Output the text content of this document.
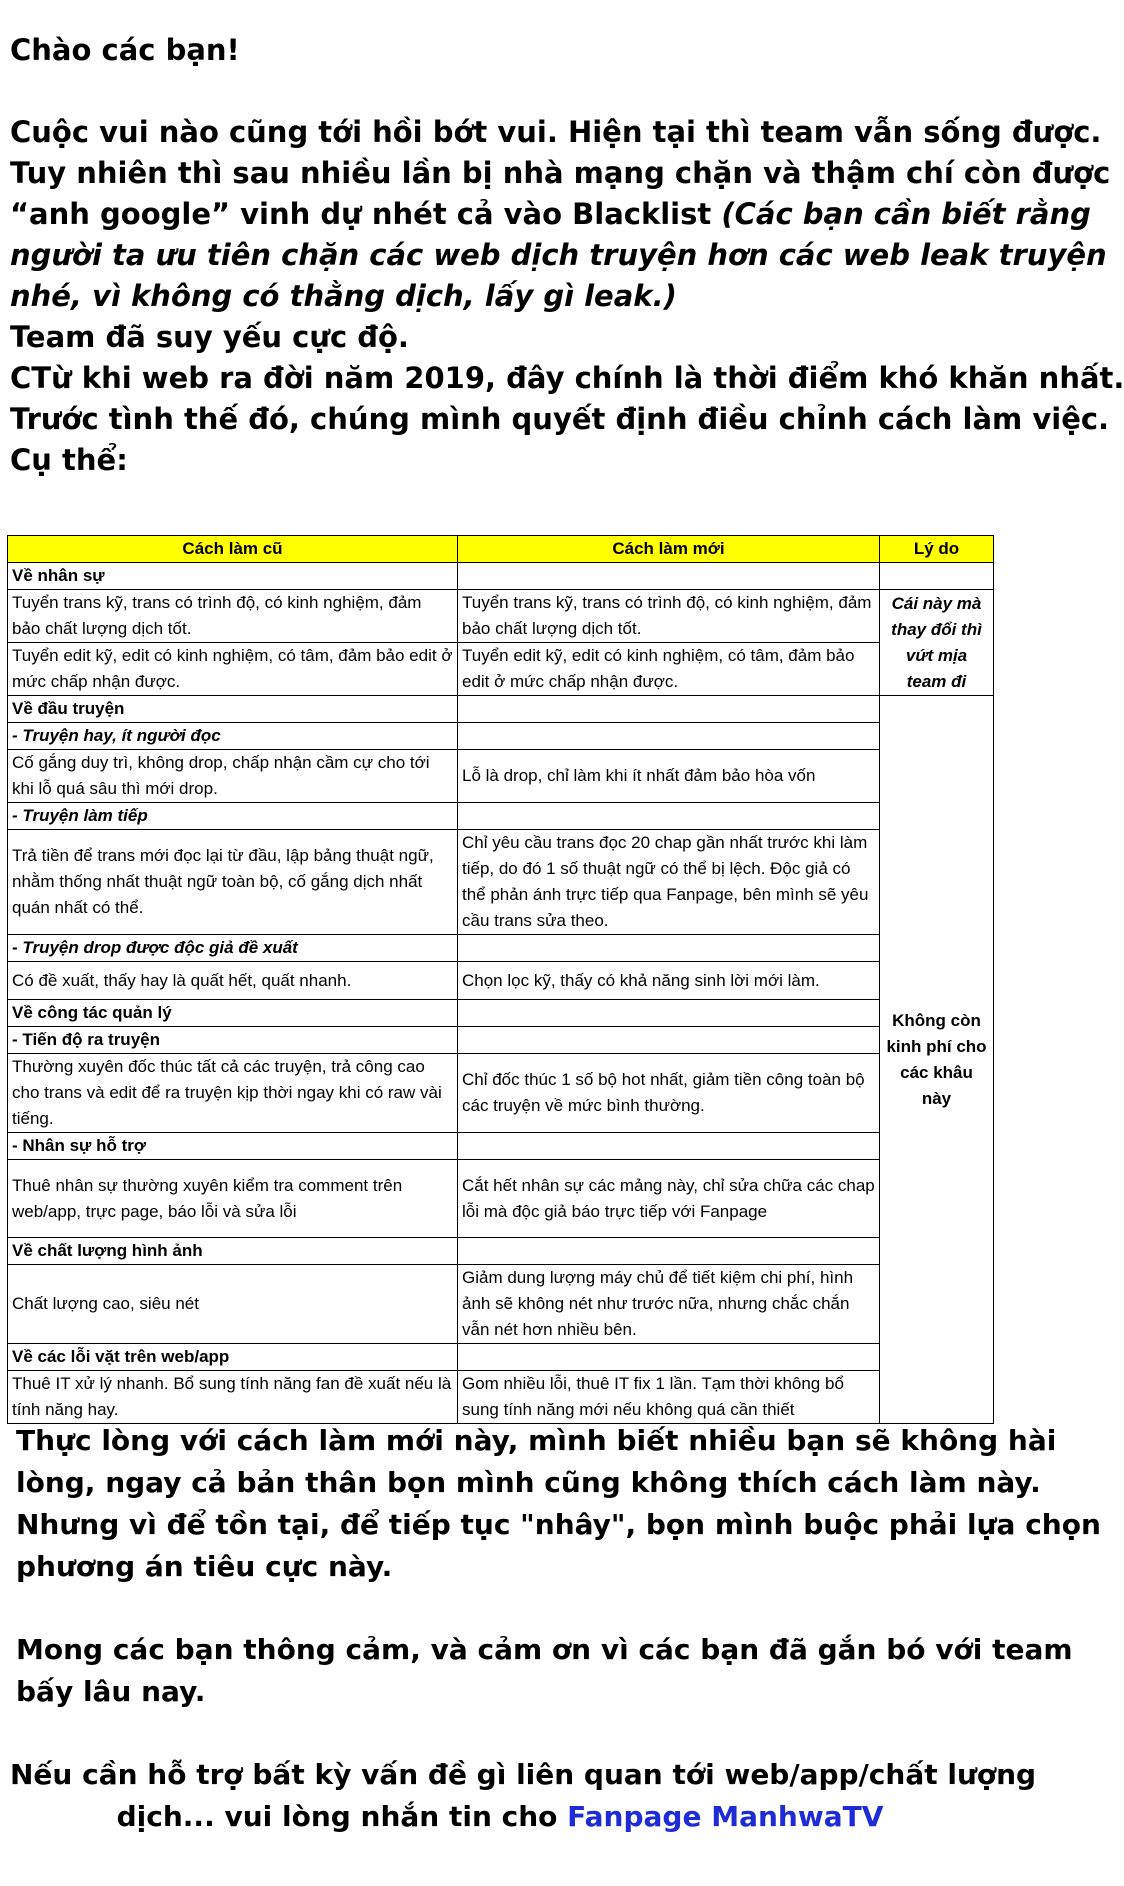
Chào các bạn!

Cuộc vui nào cũng tới hồi bớt vui. Hiện tại thì team vẫn sống được.

Tuy nhiên thì sau nhiều lần bị nhà mạng chặn và thậm chí còn được

“anh google” vinh dự nhét cả vào Blacklist (Các bạn cần biết rằng

người ta ưu tiên chặn các web dịch truyện hơn các web leak truyện

nhé, vì không có thằng dịch, lấy gì leak.)

Team đã suy yếu cực độ.

CTừ khi web ra đời năm 2019, đây chính là thời điểm khó khăn nhất.

Trước tình thế đó, chúng mình quyết định điều chỉnh cách làm việc.

Cụ thể:

Cách làm cũ	Cách làm mới	Lý do
Về nhân sự		
Tuyển trans kỹ, trans có trình độ, có kinh nghiệm, đảm bảo chất lượng dịch tốt.	Tuyển trans kỹ, trans có trình độ, có kinh nghiệm, đảm bảo chất lượng dịch tốt.	Cái này mà thay đổi thì vứt mịa team đi
Tuyển edit kỹ, edit có kinh nghiệm, có tâm, đảm bảo edit ở mức chấp nhận được.	Tuyển edit kỹ, edit có kinh nghiệm, có tâm, đảm bảo edit ở mức chấp nhận được.	
Về đầu truyện		Không còn kinh phí cho các khâu này
- Truyện hay, ít người đọc		
Cố gắng duy trì, không drop, chấp nhận cầm cự cho tới khi lỗ quá sâu thì mới drop.	Lỗ là drop, chỉ làm khi ít nhất đảm bảo hòa vốn	
- Truyện làm tiếp		
Trả tiền để trans mới đọc lại từ đầu, lập bảng thuật ngữ, nhằm thống nhất thuật ngữ toàn bộ, cố gắng dịch nhất quán nhất có thể.	Chỉ yêu cầu trans đọc 20 chap gần nhất trước khi làm tiếp, do đó 1 số thuật ngữ có thể bị lệch. Độc giả có thể phản ánh trực tiếp qua Fanpage, bên mình sẽ yêu cầu trans sửa theo.	
- Truyện drop được độc giả đề xuất		
Có đề xuất, thấy hay là quất hết, quất nhanh.	Chọn lọc kỹ, thấy có khả năng sinh lời mới làm.	
Về công tác quản lý		
- Tiến độ ra truyện		
Thường xuyên đốc thúc tất cả các truyện, trả công cao cho trans và edit để ra truyện kịp thời ngay khi có raw vài tiếng.	Chỉ đốc thúc 1 số bộ hot nhất, giảm tiền công toàn bộ các truyện về mức bình thường.	
- Nhân sự hỗ trợ		
Thuê nhân sự thường xuyên kiểm tra comment trên web/app, trực page, báo lỗi và sửa lỗi	Cắt hết nhân sự các mảng này, chỉ sửa chữa các chap lỗi mà độc giả báo trực tiếp với Fanpage	
Về chất lượng hình ảnh		
Chất lượng cao, siêu nét	Giảm dung lượng máy chủ để tiết kiệm chi phí, hình ảnh sẽ không nét như trước nữa, nhưng chắc chắn vẫn nét hơn nhiều bên.	
Về các lỗi vặt trên web/app		
Thuê IT xử lý nhanh. Bổ sung tính năng fan đề xuất nếu là tính năng hay.	Gom nhiều lỗi, thuê IT fix 1 lần. Tạm thời không bổ sung tính năng mới nếu không quá cần thiết	

Thực lòng với cách làm mới này, mình biết nhiều bạn sẽ không hài

lòng, ngay cả bản thân bọn mình cũng không thích cách làm này.

Nhưng vì để tồn tại, để tiếp tục "nhây", bọn mình buộc phải lựa chọn

phương án tiêu cực này.

Mong các bạn thông cảm, và cảm ơn vì các bạn đã gắn bó với team

bấy lâu nay.

Nếu cần hỗ trợ bất kỳ vấn đề gì liên quan tới web/app/chất lượng

dịch... vui lòng nhắn tin cho Fanpage ManhwaTV
